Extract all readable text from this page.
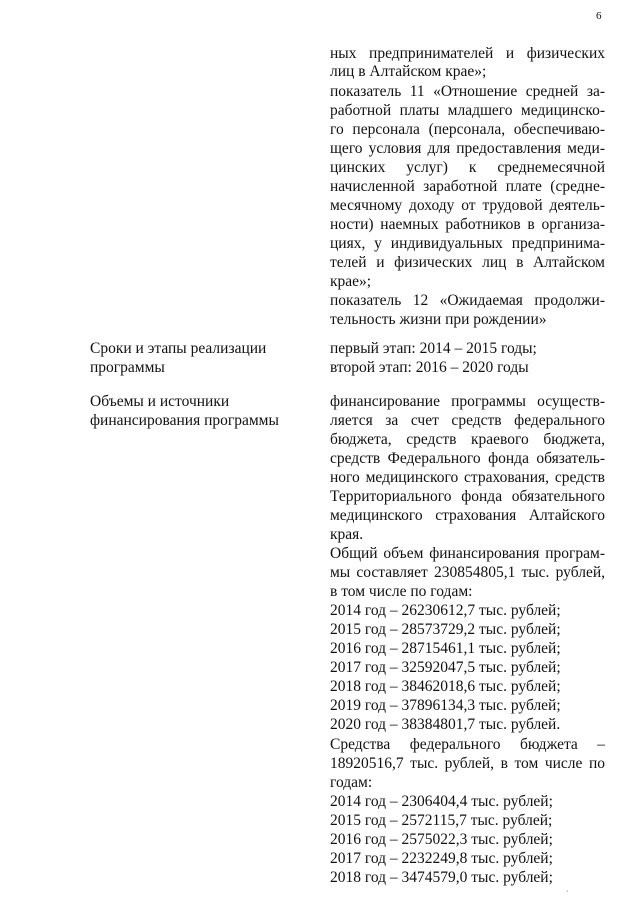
6
ных предпринимателей и физических
лиц в Алтайском крае»;
показатель 11 «Отношение средней за-
работной платы младшего медицинско-
го персонала (персонала, обеспечиваю-
щего условия для предоставления меди-
цинских услуг) к среднемесячной
начисленной заработной плате (средне-
месячному доходу от трудовой деятель-
ности) наемных работников в организа-
циях, у индивидуальных предпринима-
телей и физических лиц в Алтайском
крае»;
показатель 12 «Ожидаемая продолжи-
тельность жизни при рождении»
Сроки и этапы реализации
программы
первый этап: 2014 – 2015 годы;
второй этап: 2016 – 2020 годы
Объемы и источники
финансирования программы
финансирование программы осуществ-
ляется за счет средств федерального
бюджета, средств краевого бюджета,
средств Федерального фонда обязатель-
ного медицинского страхования, средств
Территориального фонда обязательного
медицинского страхования Алтайского
края.
Общий объем финансирования програм-
мы составляет 230854805,1 тыс. рублей,
в том числе по годам:
2014 год – 26230612,7 тыс. рублей;
2015 год – 28573729,2 тыс. рублей;
2016 год – 28715461,1 тыс. рублей;
2017 год – 32592047,5 тыс. рублей;
2018 год – 38462018,6 тыс. рублей;
2019 год – 37896134,3 тыс. рублей;
2020 год – 38384801,7 тыс. рублей.
Средства федерального бюджета –
18920516,7 тыс. рублей, в том числе по
годам:
2014 год – 2306404,4 тыс. рублей;
2015 год – 2572115,7 тыс. рублей;
2016 год – 2575022,3 тыс. рублей;
2017 год – 2232249,8 тыс. рублей;
2018 год – 3474579,0 тыс. рублей;
·
